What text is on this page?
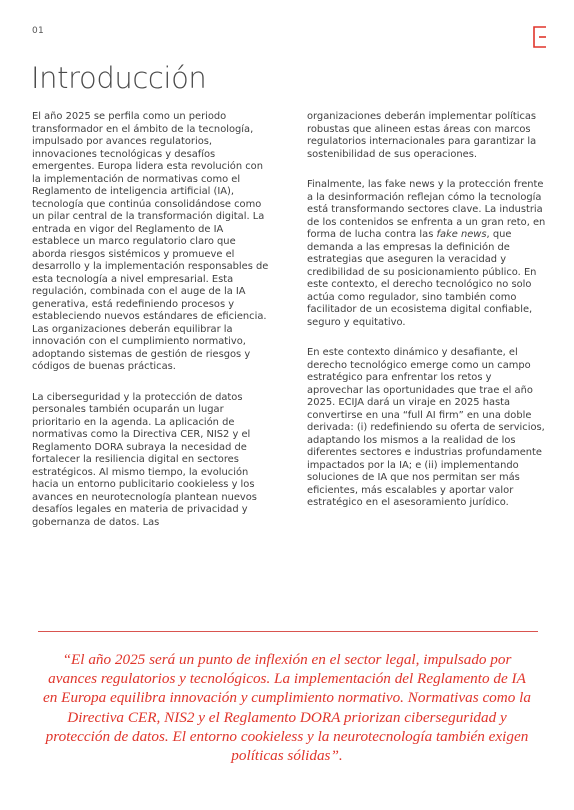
01
Introducción

El año 2025 se perfila como un periodo transformador en el ámbito de la tecnología, impulsado por avances regulatorios, innovaciones tecnológicas y desafíos emergentes. Europa lidera esta revolución con la implementación de normativas como el Reglamento de inteligencia artificial (IA), tecnología que continúa consolidándose como un pilar central de la transformación digital. La entrada en vigor del Reglamento de IA establece un marco regulatorio claro que aborda riesgos sistémicos y promueve el desarrollo y la implementación responsables de esta tecnología a nivel empresarial. Esta regulación, combinada con el auge de la IA generativa, está redefiniendo procesos y estableciendo nuevos estándares de eficiencia. Las organizaciones deberán equilibrar la innovación con el cumplimiento normativo, adoptando sistemas de gestión de riesgos y códigos de buenas prácticas.

La ciberseguridad y la protección de datos personales también ocuparán un lugar prioritario en la agenda. La aplicación de normativas como la Directiva CER, NIS2 y el Reglamento DORA subraya la necesidad de fortalecer la resiliencia digital en sectores estratégicos. Al mismo tiempo, la evolución hacia un entorno publicitario cookieless y los avances en neurotecnología plantean nuevos desafíos legales en materia de privacidad y gobernanza de datos. Las

organizaciones deberán implementar políticas robustas que alineen estas áreas con marcos regulatorios internacionales para garantizar la sostenibilidad de sus operaciones.

Finalmente, las fake news y la protección frente a la desinformación reflejan cómo la tecnología está transformando sectores clave. La industria de los contenidos se enfrenta a un gran reto, en forma de lucha contra las fake news, que demanda a las empresas la definición de estrategias que aseguren la veracidad y credibilidad de su posicionamiento público. En este contexto, el derecho tecnológico no solo actúa como regulador, sino también como facilitador de un ecosistema digital confiable, seguro y equitativo.

En este contexto dinámico y desafiante, el derecho tecnológico emerge como un campo estratégico para enfrentar los retos y aprovechar las oportunidades que trae el año 2025. ECIJA dará un viraje en 2025 hasta convertirse en una “full AI firm” en una doble derivada: (i) redefiniendo su oferta de servicios, adaptando los mismos a la realidad de los diferentes sectores e industrias profundamente impactados por la IA; e (ii) implementando soluciones de IA que nos permitan ser más eficientes, más escalables y aportar valor estratégico en el asesoramiento jurídico.

“El año 2025 será un punto de inflexión en el sector legal, impulsado por avances regulatorios y tecnológicos. La implementación del Reglamento de IA en Europa equilibra innovación y cumplimiento normativo. Normativas como la Directiva CER, NIS2 y el Reglamento DORA priorizan ciberseguridad y protección de datos. El entorno cookieless y la neurotecnología también exigen políticas sólidas”.
